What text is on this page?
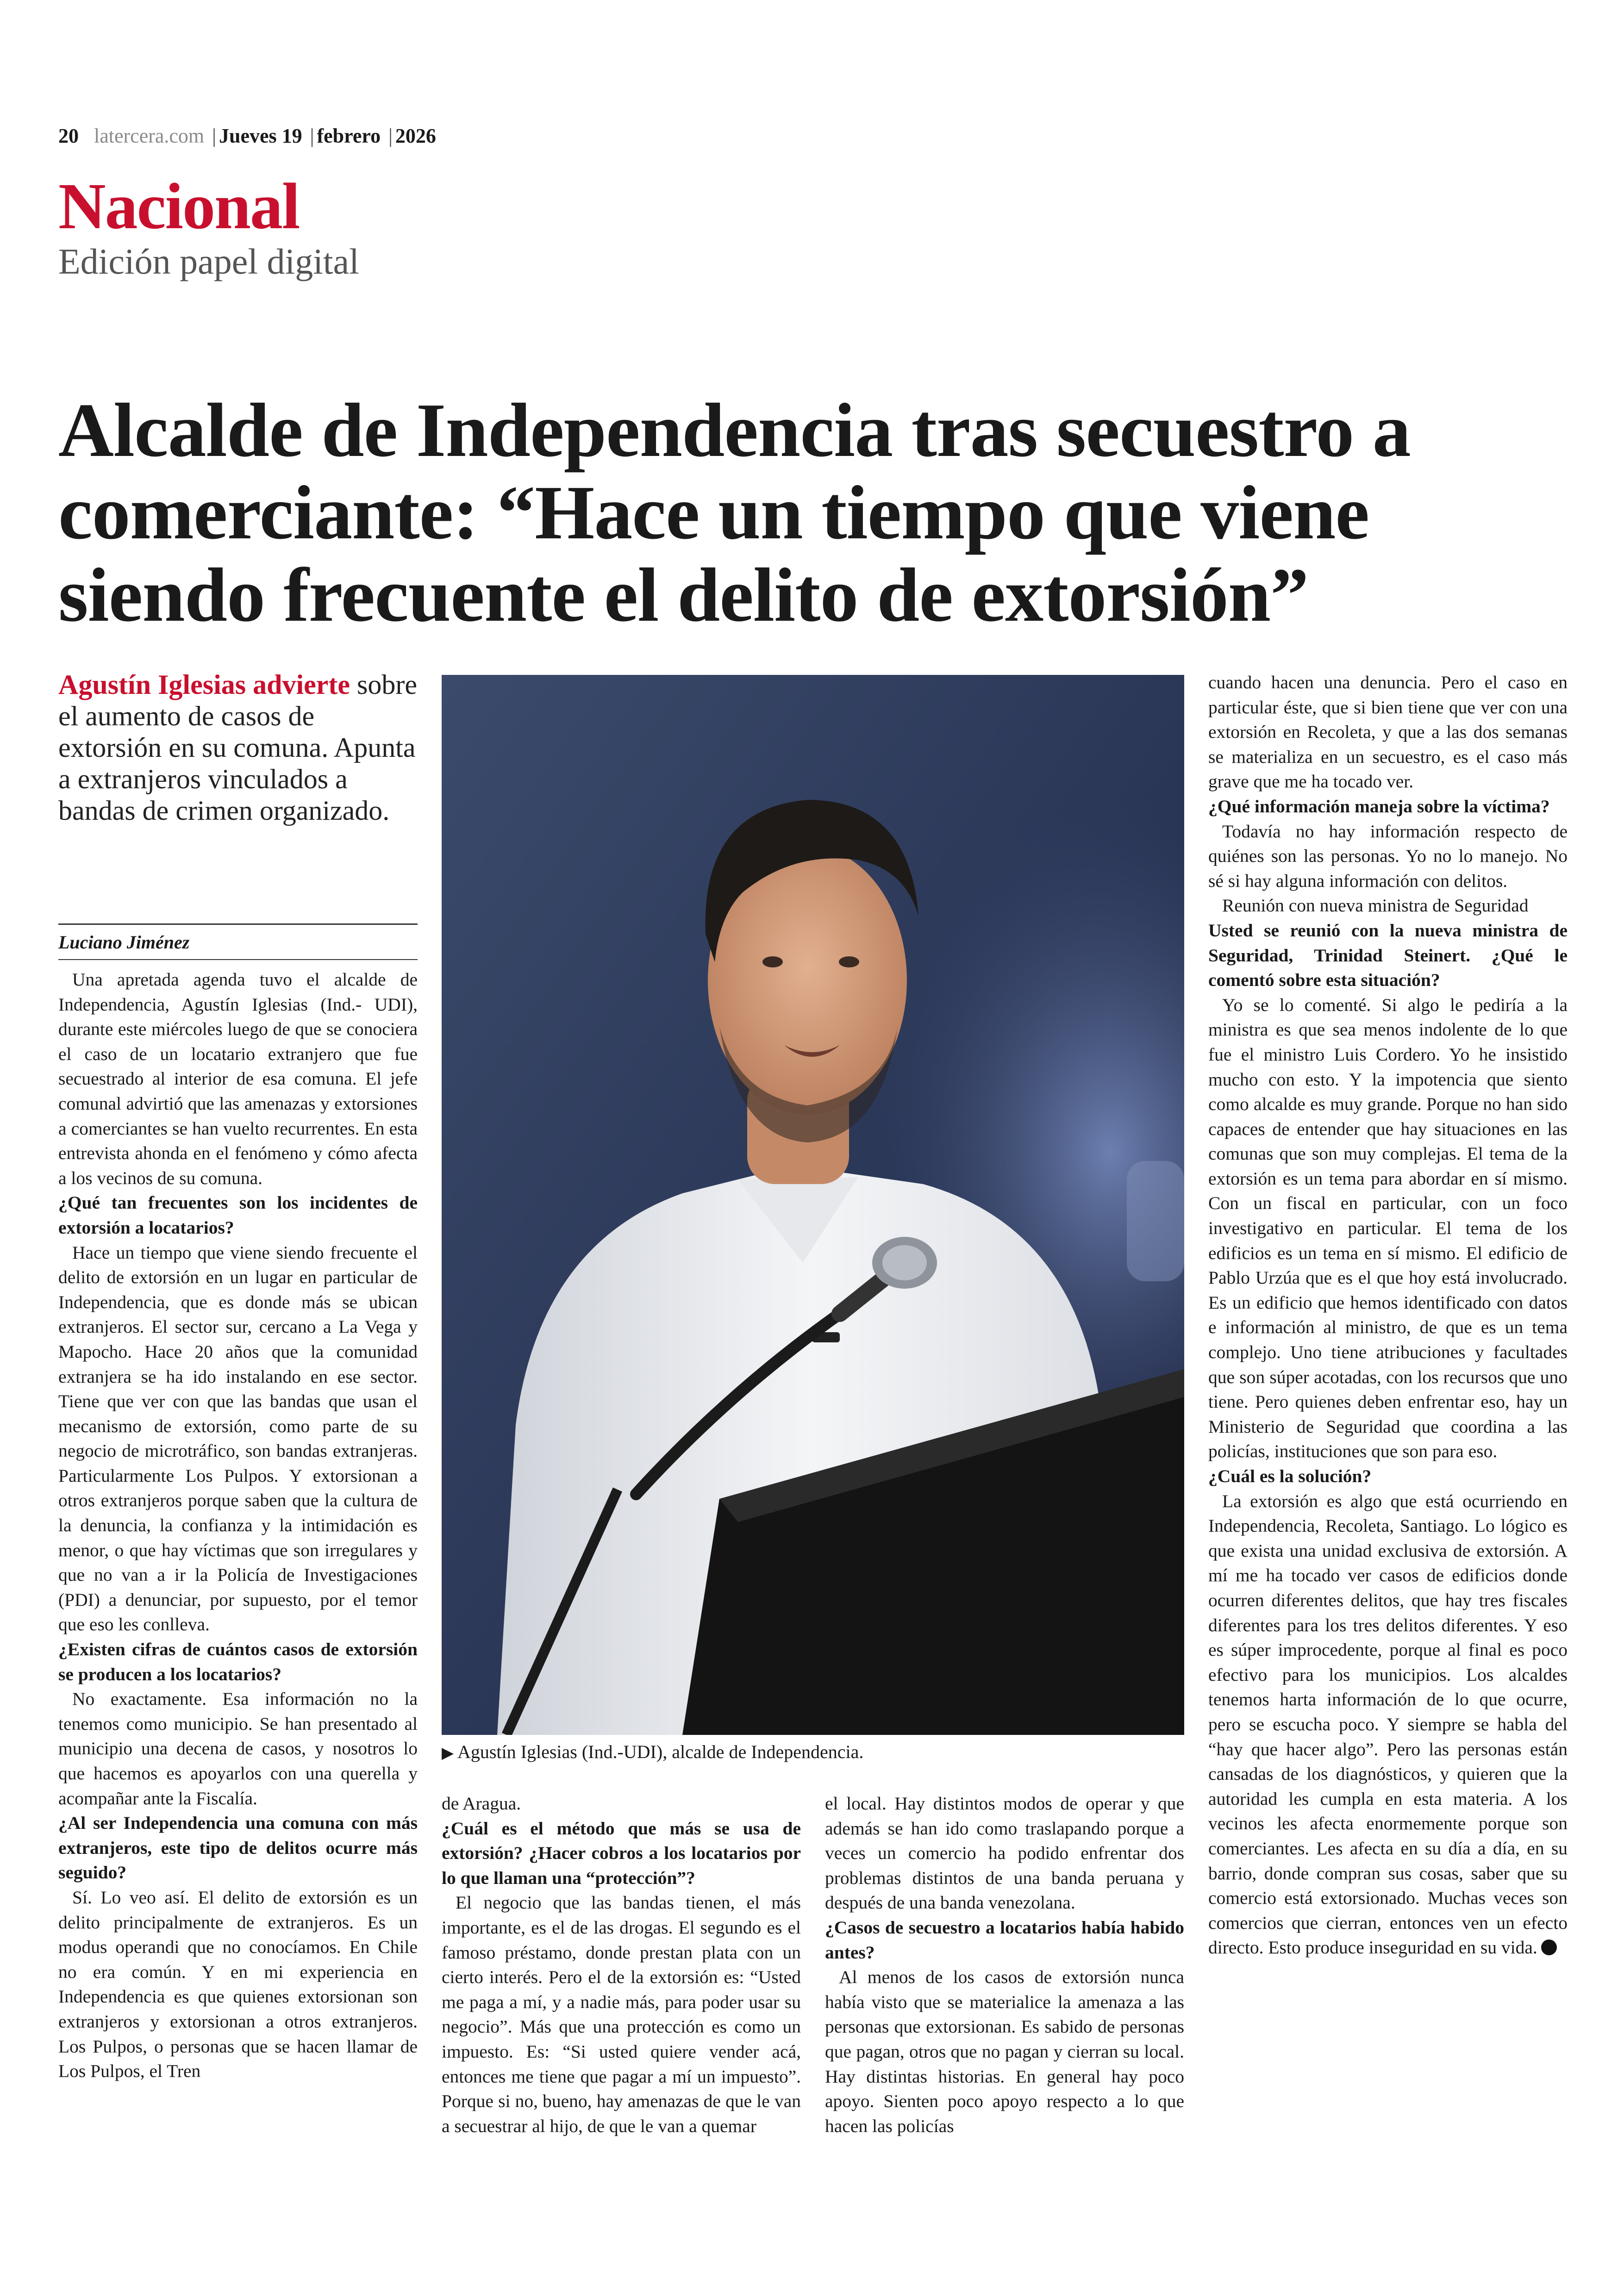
20 latercera.com | Jueves 19 | febrero | 2026
Nacional
Edición papel digital
Alcalde de Independencia tras secuestro a comerciante: “Hace un tiempo que viene siendo frecuente el delito de extorsión”
Agustín Iglesias advierte sobre el aumento de casos de extorsión en su comuna. Apunta a extranjeros vinculados a bandas de crimen organizado.
Luciano Jiménez
▶ Agustín Iglesias (Ind.-UDI), alcalde de Independencia.

Una apretada agenda tuvo el alcalde de Independencia, Agustín Iglesias (Ind.- UDI), durante este miércoles luego de que se conociera el caso de un locatario extranjero que fue secuestrado al interior de esa comuna. El jefe comunal advirtió que las amenazas y extorsiones a comerciantes se han vuelto recurrentes. En esta entrevista ahonda en el fenómeno y cómo afecta a los vecinos de su comuna.

¿Qué tan frecuentes son los incidentes de extorsión a locatarios?

Hace un tiempo que viene siendo frecuente el delito de extorsión en un lugar en particular de Independencia, que es donde más se ubican extranjeros. El sector sur, cercano a La Vega y Mapocho. Hace 20 años que la comunidad extranjera se ha ido instalando en ese sector. Tiene que ver con que las bandas que usan el mecanismo de extorsión, como parte de su negocio de microtráfico, son bandas extranjeras. Particularmente Los Pulpos. Y extorsionan a otros extranjeros porque saben que la cultura de la denuncia, la confianza y la intimidación es menor, o que hay víctimas que son irregulares y que no van a ir la Policía de Investigaciones (PDI) a denunciar, por supuesto, por el temor que eso les conlleva.

¿Existen cifras de cuántos casos de extorsión se producen a los locatarios?

No exactamente. Esa información no la tenemos como municipio. Se han presentado al municipio una decena de casos, y nosotros lo que hacemos es apoyarlos con una querella y acompañar ante la Fiscalía.

¿Al ser Independencia una comuna con más extranjeros, este tipo de delitos ocurre más seguido?

Sí. Lo veo así. El delito de extorsión es un delito principalmente de extranjeros. Es un modus operandi que no conocíamos. En Chile no era común. Y en mi experiencia en Independencia es que quienes extorsionan son extranjeros y extorsionan a otros extranjeros. Los Pulpos, o personas que se hacen llamar de Los Pulpos, el Tren

de Aragua.

¿Cuál es el método que más se usa de extorsión? ¿Hacer cobros a los locatarios por lo que llaman una “protección”?

El negocio que las bandas tienen, el más importante, es el de las drogas. El segundo es el famoso préstamo, donde prestan plata con un cierto interés. Pero el de la extorsión es: “Usted me paga a mí, y a nadie más, para poder usar su negocio”. Más que una protección es como un impuesto. Es: “Si usted quiere vender acá, entonces me tiene que pagar a mí un impuesto”. Porque si no, bueno, hay amenazas de que le van a secuestrar al hijo, de que le van a quemar

el local. Hay distintos modos de operar y que además se han ido como traslapando porque a veces un comercio ha podido enfrentar dos problemas distintos de una banda peruana y después de una banda venezolana.

¿Casos de secuestro a locatarios había habido antes?

Al menos de los casos de extorsión nunca había visto que se materialice la amenaza a las personas que extorsionan. Es sabido de personas que pagan, otros que no pagan y cierran su local. Hay distintas historias. En general hay poco apoyo. Sienten poco apoyo respecto a lo que hacen las policías

cuando hacen una denuncia. Pero el caso en particular éste, que si bien tiene que ver con una extorsión en Recoleta, y que a las dos semanas se materializa en un secuestro, es el caso más grave que me ha tocado ver.

¿Qué información maneja sobre la víctima?

Todavía no hay información respecto de quiénes son las personas. Yo no lo manejo. No sé si hay alguna información con delitos.

Reunión con nueva ministra de Seguridad

Usted se reunió con la nueva ministra de Seguridad, Trinidad Steinert. ¿Qué le comentó sobre esta situación?

Yo se lo comenté. Si algo le pediría a la ministra es que sea menos indolente de lo que fue el ministro Luis Cordero. Yo he insistido mucho con esto. Y la impotencia que siento como alcalde es muy grande. Porque no han sido capaces de entender que hay situaciones en las comunas que son muy complejas. El tema de la extorsión es un tema para abordar en sí mismo. Con un fiscal en particular, con un foco investigativo en particular. El tema de los edificios es un tema en sí mismo. El edificio de Pablo Urzúa que es el que hoy está involucrado. Es un edificio que hemos identificado con datos e información al ministro, de que es un tema complejo. Uno tiene atribuciones y facultades que son súper acotadas, con los recursos que uno tiene. Pero quienes deben enfrentar eso, hay un Ministerio de Seguridad que coordina a las policías, instituciones que son para eso.

¿Cuál es la solución?

La extorsión es algo que está ocurriendo en Independencia, Recoleta, Santiago. Lo lógico es que exista una unidad exclusiva de extorsión. A mí me ha tocado ver casos de edificios donde ocurren diferentes delitos, que hay tres fiscales diferentes para los tres delitos diferentes. Y eso es súper improcedente, porque al final es poco efectivo para los municipios. Los alcaldes tenemos harta información de lo que ocurre, pero se escucha poco. Y siempre se habla del “hay que hacer algo”. Pero las personas están cansadas de los diagnósticos, y quieren que la autoridad les cumpla en esta materia. A los vecinos les afecta enormemente porque son comerciantes. Les afecta en su día a día, en su barrio, donde compran sus cosas, saber que su comercio está extorsionado. Muchas veces son comercios que cierran, entonces ven un efecto directo. Esto produce inseguridad en su vida.
